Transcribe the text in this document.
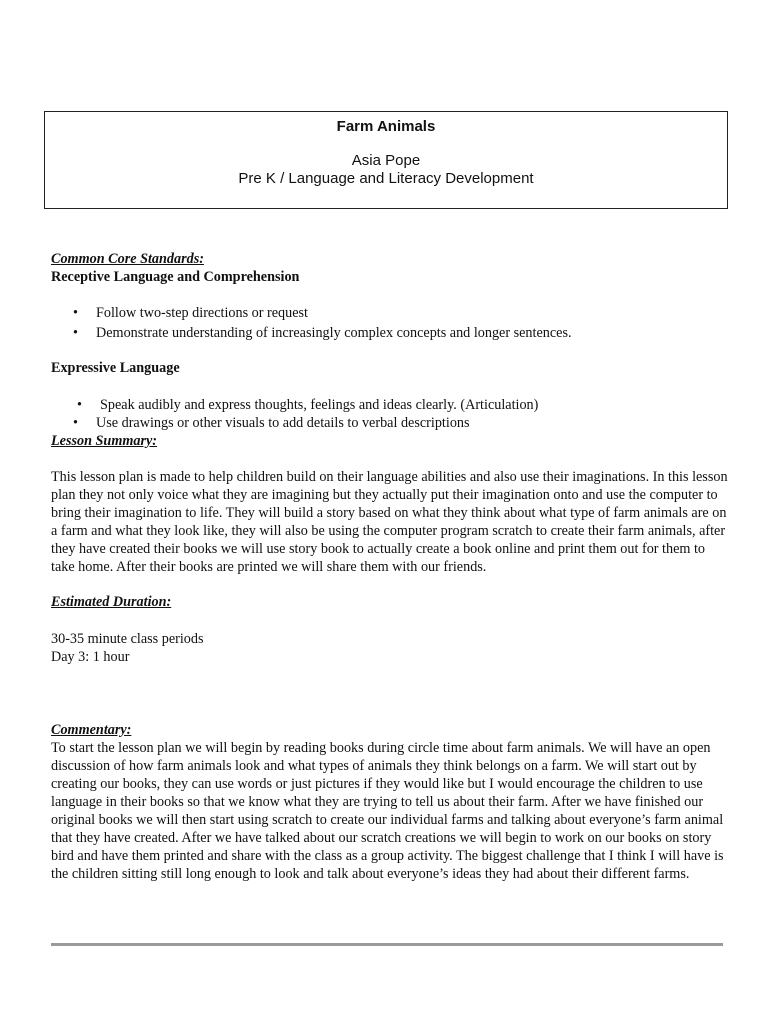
Farm Animals
Asia Pope
Pre K / Language and Literacy Development
Common Core Standards:
Receptive Language and Comprehension
• Follow two-step directions or request
• Demonstrate understanding of increasingly complex concepts and longer sentences.
Expressive Language
• Speak audibly and express thoughts, feelings and ideas clearly. (Articulation)
• Use drawings or other visuals to add details to verbal descriptions
Lesson Summary:

This lesson plan is made to help children build on their language abilities and also use their imaginations. In this lesson plan they not only voice what they are imagining but they actually put their imagination onto and use the computer to bring their imagination to life. They will build a story based on what they think about what type of farm animals are on a farm and what they look like, they will also be using the computer program scratch to create their farm animals, after they have created their books we will use story book to actually create a book online and print them out for them to take home. After their books are printed we will share them with our friends.

Estimated Duration:

30-35 minute class periods

Day 3: 1 hour

Commentary:

To start the lesson plan we will begin by reading books during circle time about farm animals. We will have an open discussion of how farm animals look and what types of animals they think belongs on a farm. We will start out by creating our books, they can use words or just pictures if they would like but I would encourage the children to use language in their books so that we know what they are trying to tell us about their farm. After we have finished our original books we will then start using scratch to create our individual farms and talking about everyone’s farm animal that they have created. After we have talked about our scratch creations we will begin to work on our books on story bird and have them printed and share with the class as a group activity. The biggest challenge that I think I will have is the children sitting still long enough to look and talk about everyone’s ideas they had about their different farms.
